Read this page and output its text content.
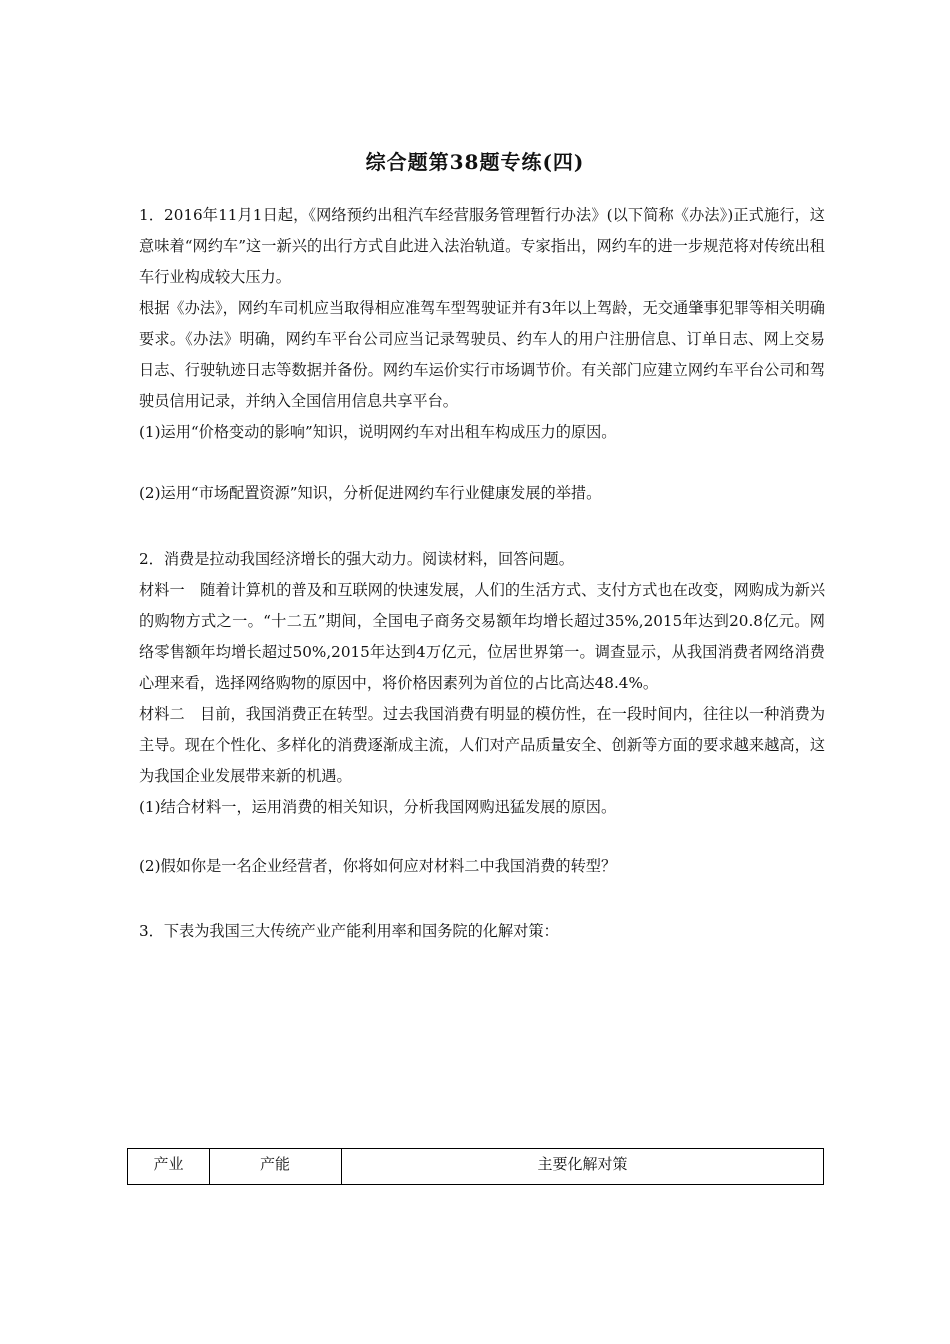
综合题第38题专练(四)

1．2016年11月1日起，《网络预约出租汽车经营服务管理暂行办法》(以下简称《办法》)正式施行，这意味着“网约车”这一新兴的出行方式自此进入法治轨道。专家指出，网约车的进一步规范将对传统出租车行业构成较大压力。

根据《办法》，网约车司机应当取得相应准驾车型驾驶证并有3年以上驾龄，无交通肇事犯罪等相关明确要求。《办法》明确，网约车平台公司应当记录驾驶员、约车人的用户注册信息、订单日志、网上交易日志、行驶轨迹日志等数据并备份。网约车运价实行市场调节价。有关部门应建立网约车平台公司和驾驶员信用记录，并纳入全国信用信息共享平台。

(1)运用“价格变动的影响”知识，说明网约车对出租车构成压力的原因。

(2)运用“市场配置资源”知识，分析促进网约车行业健康发展的举措。

2．消费是拉动我国经济增长的强大动力。阅读材料，回答问题。

材料一　随着计算机的普及和互联网的快速发展，人们的生活方式、支付方式也在改变，网购成为新兴的购物方式之一。“十二五”期间，全国电子商务交易额年均增长超过35%,2015年达到20.8亿元。网络零售额年均增长超过50%,2015年达到4万亿元，位居世界第一。调查显示，从我国消费者网络消费心理来看，选择网络购物的原因中，将价格因素列为首位的占比高达48.4%。

材料二　目前，我国消费正在转型。过去我国消费有明显的模仿性，在一段时间内，往往以一种消费为主导。现在个性化、多样化的消费逐渐成主流，人们对产品质量安全、创新等方面的要求越来越高，这为我国企业发展带来新的机遇。

(1)结合材料一，运用消费的相关知识，分析我国网购迅猛发展的原因。

(2)假如你是一名企业经营者，你将如何应对材料二中我国消费的转型？

3．下表为我国三大传统产业产能利用率和国务院的化解对策：

产业	产能	主要化解对策
